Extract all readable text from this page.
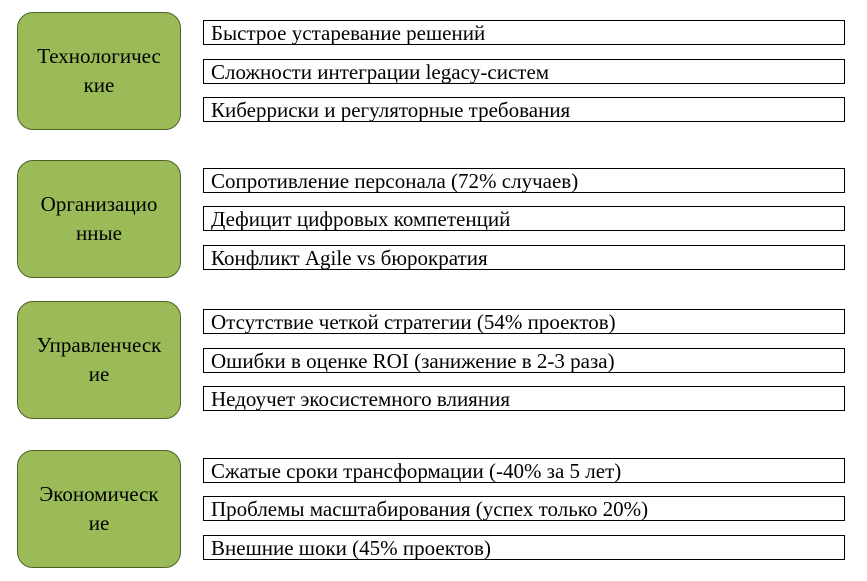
Технологичес
кие
Быстрое устаревание решений
Сложности интеграции legacy-систем
Киберриски и регуляторные требования
Организацио
нные
Сопротивление персонала (72% случаев)
Дефицит цифровых компетенций
Конфликт Agile vs бюрократия
Управленческ
ие
Отсутствие четкой стратегии (54% проектов)
Ошибки в оценке ROI (занижение в 2-3 раза)
Недоучет экосистемного влияния
Экономическ
ие
Сжатые сроки трансформации (-40% за 5 лет)
Проблемы масштабирования (успех только 20%)
Внешние шоки (45% проектов)
